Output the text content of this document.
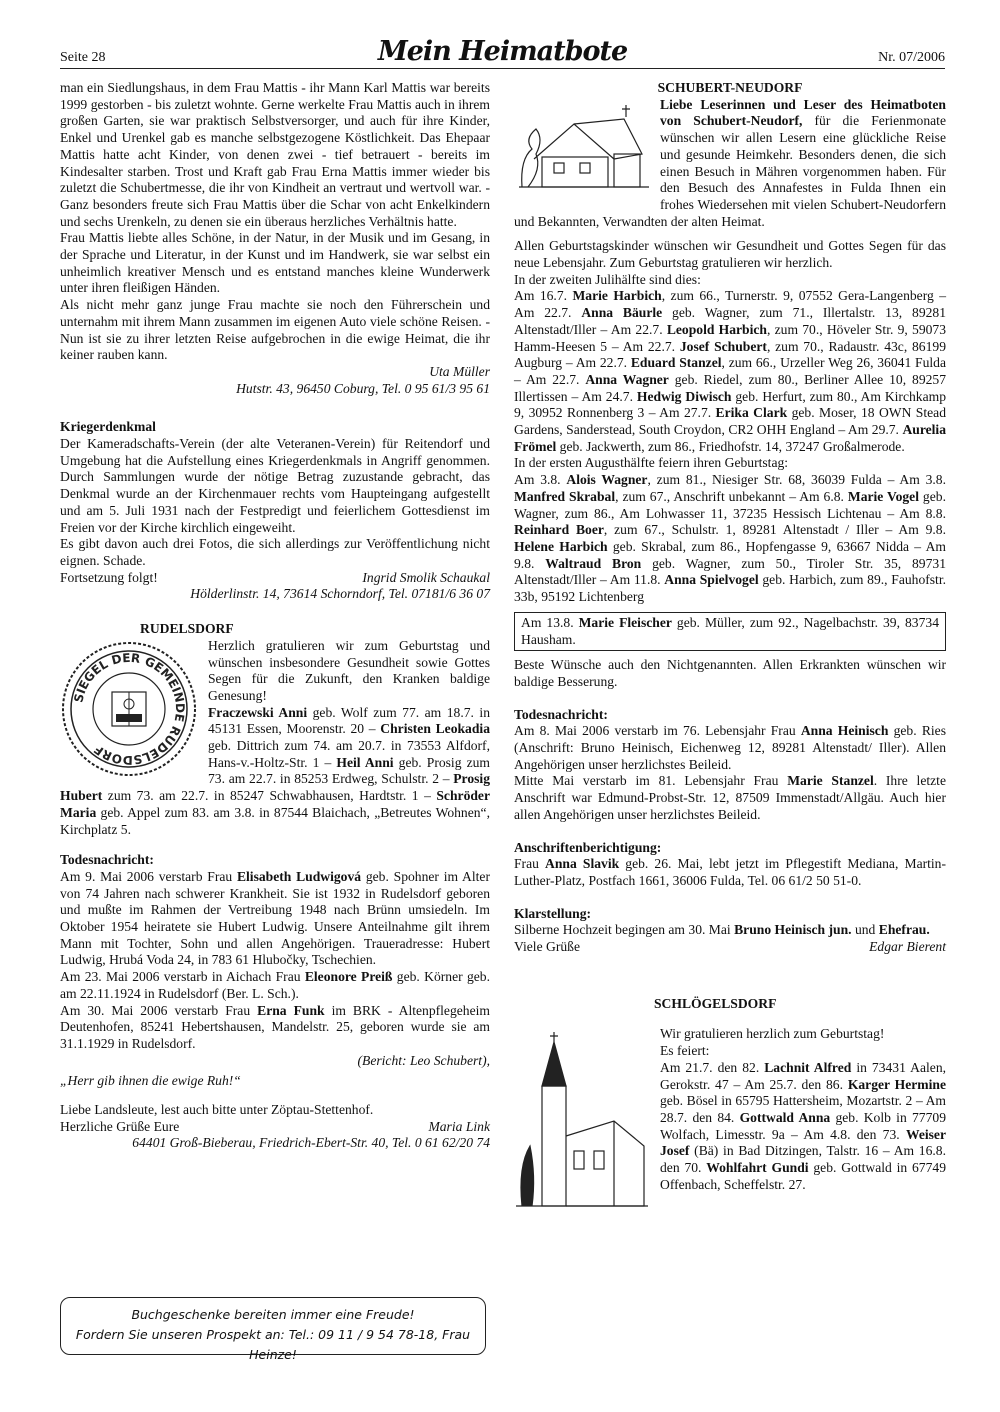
Seite 28	Mein Heimatbote	Nr. 07/2006

man ein Siedlungshaus, in dem Frau Mattis - ihr Mann Karl Mattis war bereits 1999 gestorben - bis zuletzt wohnte. Gerne werkelte Frau Mattis auch in ihrem großen Garten, sie war praktisch Selbstversorger, und auch für ihre Kinder, Enkel und Urenkel gab es manche selbstgezogene Köstlichkeit. Das Ehepaar Mattis hatte acht Kinder, von denen zwei - tief betrauert - bereits im Kindesalter starben. Trost und Kraft gab Frau Erna Mattis immer wieder bis zuletzt die Schubertmesse, die ihr von Kindheit an vertraut und wertvoll war. - Ganz besonders freute sich Frau Mattis über die Schar von acht Enkelkindern und sechs Urenkeln, zu denen sie ein überaus herzliches Verhältnis hatte.

Frau Mattis liebte alles Schöne, in der Natur, in der Musik und im Gesang, in der Sprache und Literatur, in der Kunst und im Handwerk, sie war selbst ein unheimlich kreativer Mensch und es entstand manches kleine Wunderwerk unter ihren fleißigen Händen.

Als nicht mehr ganz junge Frau machte sie noch den Führerschein und unternahm mit ihrem Mann zusammen im eigenen Auto viele schöne Reisen. - Nun ist sie zu ihrer letzten Reise aufgebrochen in die ewige Heimat, die ihr keiner rauben kann.

Uta Müller

Hutstr. 43, 96450 Coburg, Tel. 0 95 61/3 95 61

Kriegerdenkmal

Der Kameradschafts-Verein (der alte Veteranen-Verein) für Reitendorf und Umgebung hat die Aufstellung eines Kriegerdenkmals in Angriff genommen. Durch Sammlungen wurde der nötige Betrag zuzustande gebracht, das Denkmal wurde an der Kirchenmauer rechts vom Haupteingang aufgestellt und am 5. Juli 1931 nach der Festpredigt und feierlichem Gottesdienst im Freien vor der Kirche kirchlich eingeweiht.

Es gibt davon auch drei Fotos, die sich allerdings zur Veröffentlichung nicht eignen. Schade.

Fortsetzung folgt!	Ingrid Smolik Schaukal

Hölderlinstr. 14, 73614 Schorndorf, Tel. 07181/6 36 07

RUDELSDORF

SIEGEL DER GEMEINDE RUDELSDORF

Herzlich gratulieren wir zum Geburtstag und wünschen insbesondere Gesundheit sowie Gottes Segen für die Zukunft, den Kranken baldige Genesung!

Fraczewski Anni geb. Wolf zum 77. am 18.7. in 45131 Essen, Moorenstr. 20 – Christen Leokadia geb. Dittrich zum 74. am 20.7. in 73553 Alfdorf, Hans-v.-Holtz-Str. 1 – Heil Anni geb. Prosig zum 73. am 22.7. in 85253 Erdweg, Schulstr. 2 – Prosig Hubert zum 73. am 22.7. in 85247 Schwabhausen, Hardtstr. 1 – Schröder Maria geb. Appel zum 83. am 3.8. in 87544 Blaichach, „Betreutes Wohnen“, Kirchplatz 5.

Todesnachricht:

Am 9. Mai 2006 verstarb Frau Elisabeth Ludwigová geb. Spohner im Alter von 74 Jahren nach schwerer Krankheit. Sie ist 1932 in Rudelsdorf geboren und mußte im Rahmen der Vertreibung 1948 nach Brünn umsiedeln. Im Oktober 1954 heiratete sie Hubert Ludwig. Unsere Anteilnahme gilt ihrem Mann mit Tochter, Sohn und allen Angehörigen. Traueradresse: Hubert Ludwig, Hrubá Voda 24, in 783 61 Hlubočky, Tschechien.

Am 23. Mai 2006 verstarb in Aichach Frau Eleonore Preiß geb. Körner geb. am 22.11.1924 in Rudelsdorf (Ber. L. Sch.).

Am 30. Mai 2006 verstarb Frau Erna Funk im BRK - Altenpflegeheim Deutenhofen, 85241 Hebertshausen, Mandelstr. 25, geboren wurde sie am 31.1.1929 in Rudelsdorf.

(Bericht: Leo Schubert),

„Herr gib ihnen die ewige Ruh!“

Liebe Landsleute, lest auch bitte unter Zöptau-Stettenhof.

Herzliche Grüße Eure	Maria Link

64401 Groß-Bieberau, Friedrich-Ebert-Str. 40, Tel. 0 61 62/20 74

Buchgeschenke bereiten immer eine Freude!
Fordern Sie unseren Prospekt an: Tel.: 09 11 / 9 54 78-18, Frau Heinze!

SCHUBERT-NEUDORF

Liebe Leserinnen und Leser des Heimatboten von Schubert-Neudorf, für die Ferienmonate wünschen wir allen Lesern eine glückliche Reise und gesunde Heimkehr. Besonders denen, die sich einen Besuch in Mähren vorgenommen haben. Für den Besuch des Annafestes in Fulda Ihnen ein frohes Wiedersehen mit vielen Schubert-Neudorfern und Bekannten, Verwandten der alten Heimat.

Allen Geburtstagskinder wünschen wir Gesundheit und Gottes Segen für das neue Lebensjahr. Zum Geburtstag gratulieren wir herzlich.

In der zweiten Julihälfte sind dies:

Am 16.7. Marie Harbich, zum 66., Turnerstr. 9, 07552 Gera-Langenberg – Am 22.7. Anna Bäurle geb. Wagner, zum 71., Illertalstr. 13, 89281 Altenstadt/Iller – Am 22.7. Leopold Harbich, zum 70., Höveler Str. 9, 59073 Hamm-Heesen 5 – Am 22.7. Josef Schubert, zum 70., Radaustr. 43c, 86199 Augburg – Am 22.7. Eduard Stanzel, zum 66., Urzeller Weg 26, 36041 Fulda – Am 22.7. Anna Wagner geb. Riedel, zum 80., Berliner Allee 10, 89257 Illertissen – Am 24.7. Hedwig Diwisch geb. Herfurt, zum 80., Am Kirchkamp 9, 30952 Ronnenberg 3 – Am 27.7. Erika Clark geb. Moser, 18 OWN Stead Gardens, Sanderstead, South Croydon, CR2 OHH England – Am 29.7. Aurelia Frömel geb. Jackwerth, zum 86., Friedhofstr. 14, 37247 Großalmerode.

In der ersten Augusthälfte feiern ihren Geburtstag:

Am 3.8. Alois Wagner, zum 81., Niesiger Str. 68, 36039 Fulda – Am 3.8. Manfred Skrabal, zum 67., Anschrift unbekannt – Am 6.8. Marie Vogel geb. Wagner, zum 86., Am Lohwasser 11, 37235 Hessisch Lichtenau – Am 8.8. Reinhard Boer, zum 67., Schulstr. 1, 89281 Altenstadt / Iller – Am 9.8. Helene Harbich geb. Skrabal, zum 86., Hopfengasse 9, 63667 Nidda – Am 9.8. Waltraud Bron geb. Wagner, zum 50., Tiroler Str. 35, 89731 Altenstadt/Iller – Am 11.8. Anna Spielvogel geb. Harbich, zum 89., Fauhofstr. 33b, 95192 Lichtenberg

Am 13.8. Marie Fleischer geb. Müller, zum 92., Nagelbachstr. 39, 83734 Hausham.

Beste Wünsche auch den Nichtgenannten. Allen Erkrankten wünschen wir baldige Besserung.

Todesnachricht:

Am 8. Mai 2006 verstarb im 76. Lebensjahr Frau Anna Heinisch geb. Ries (Anschrift: Bruno Heinisch, Eichenweg 12, 89281 Altenstadt/ Iller). Allen Angehörigen unser herzlichstes Beileid.

Mitte Mai verstarb im 81. Lebensjahr Frau Marie Stanzel. Ihre letzte Anschrift war Edmund-Probst-Str. 12, 87509 Immenstadt/Allgäu. Auch hier allen Angehörigen unser herzlichstes Beileid.

Anschriftenberichtigung:

Frau Anna Slavik geb. 26. Mai, lebt jetzt im Pflegestift Mediana, Martin-Luther-Platz, Postfach 1661, 36006 Fulda, Tel. 06 61/2 50 51-0.

Klarstellung:

Silberne Hochzeit begingen am 30. Mai Bruno Heinisch jun. und Ehefrau.

Viele Grüße	Edgar Bierent

SCHLÖGELSDORF

Wir gratulieren herzlich zum Geburtstag!

Es feiert:

Am 21.7. den 82. Lachnit Alfred in 73431 Aalen, Gerokstr. 47 – Am 25.7. den 86. Karger Hermine geb. Bösel in 65795 Hattersheim, Mozartstr. 2 – Am 28.7. den 84. Gottwald Anna geb. Kolb in 77709 Wolfach, Limesstr. 9a – Am 4.8. den 73. Weiser Josef (Bä) in Bad Ditzingen, Talstr. 16 – Am 16.8. den 70. Wohlfahrt Gundi geb. Gottwald in 67749 Offenbach, Scheffelstr. 27.
